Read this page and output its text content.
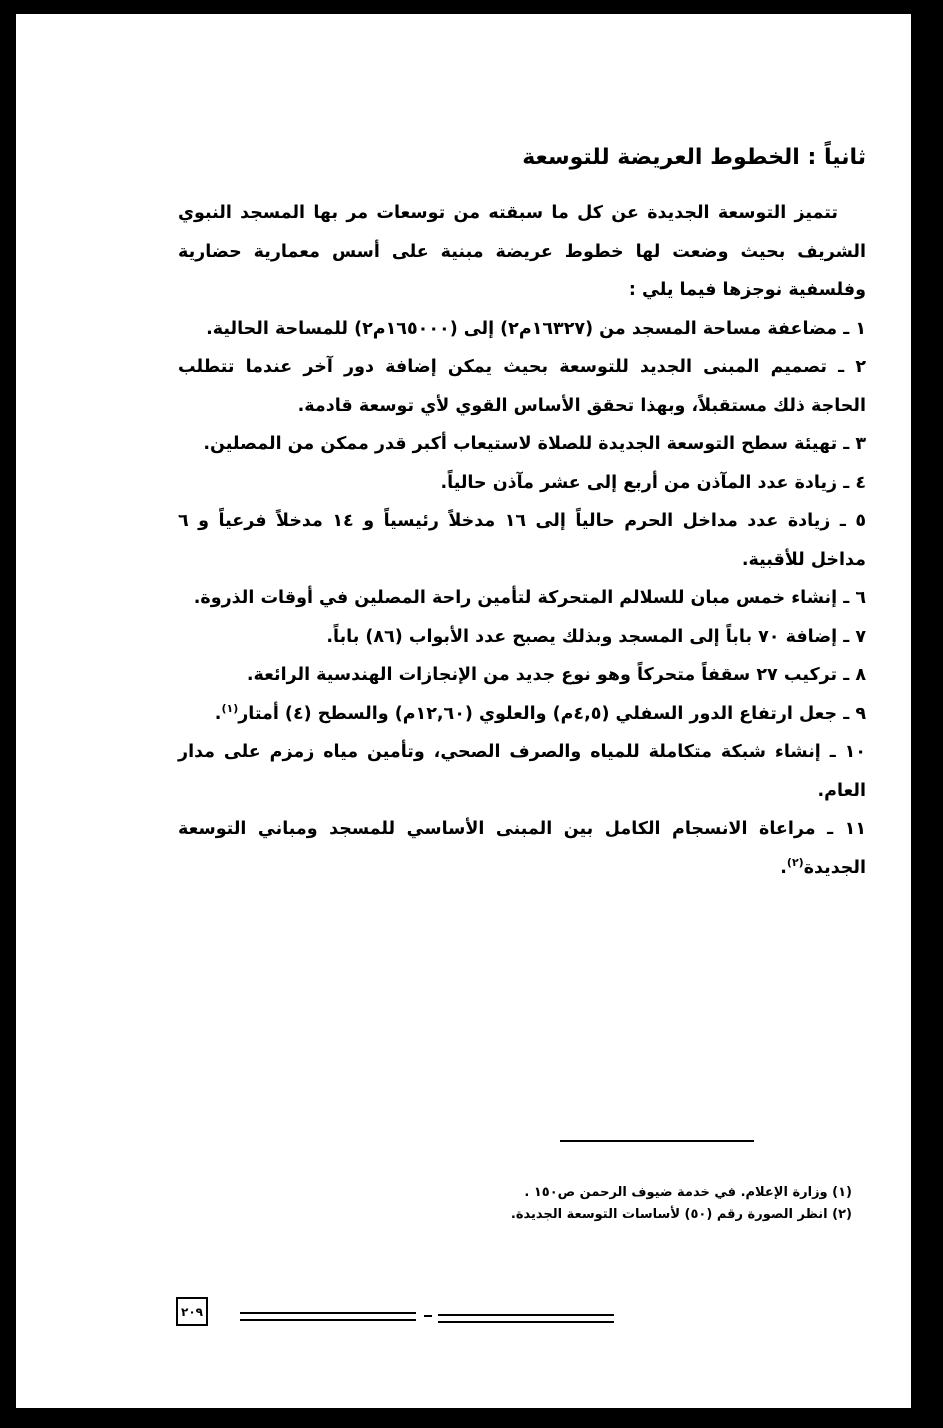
ثانياً : الخطوط العريضة للتوسعة

تتميز التوسعة الجديدة عن كل ما سبقته من توسعات مر بها المسجد النبوي الشريف بحيث وضعت لها خطوط عريضة مبنية على أسس معمارية حضارية وفلسفية نوجزها فيما يلي :

١ ـ مضاعفة مساحة المسجد من (١٦٣٢٧م٢) إلى (١٦٥٠٠٠م٢) للمساحة الحالية.

٢ ـ تصميم المبنى الجديد للتوسعة بحيث يمكن إضافة دور آخر عندما تتطلب الحاجة ذلك مستقبلاً، وبهذا تحقق الأساس القوي لأي توسعة قادمة.

٣ ـ تهيئة سطح التوسعة الجديدة للصلاة لاستيعاب أكبر قدر ممكن من المصلين.

٤ ـ زيادة عدد المآذن من أربع إلى عشر مآذن حالياً.

٥ ـ زيادة عدد مداخل الحرم حالياً إلى ١٦ مدخلاً رئيسياً و ١٤ مدخلاً فرعياً و ٦ مداخل للأقبية.

٦ ـ إنشاء خمس مبان للسلالم المتحركة لتأمين راحة المصلين في أوقات الذروة.

٧ ـ إضافة ٧٠ باباً إلى المسجد وبذلك يصبح عدد الأبواب (٨٦) باباً.

٨ ـ تركيب ٢٧ سقفاً متحركاً وهو نوع جديد من الإنجازات الهندسية الرائعة.

٩ ـ جعل ارتفاع الدور السفلي (٤,٥م) والعلوي (١٢,٦٠م) والسطح (٤) أمتار$^{(١)}$.

١٠ ـ إنشاء شبكة متكاملة للمياه والصرف الصحي، وتأمين مياه زمزم على مدار العام.

١١ ـ مراعاة الانسجام الكامل بين المبنى الأساسي للمسجد ومباني التوسعة الجديدة$^{(٢)}$.

(١) وزارة الإعلام. في خدمة ضيوف الرحمن ص١٥٠ .

(٢) انظر الصورة رقم (٥٠) لأساسات التوسعة الجديدة.

٢٠٩
